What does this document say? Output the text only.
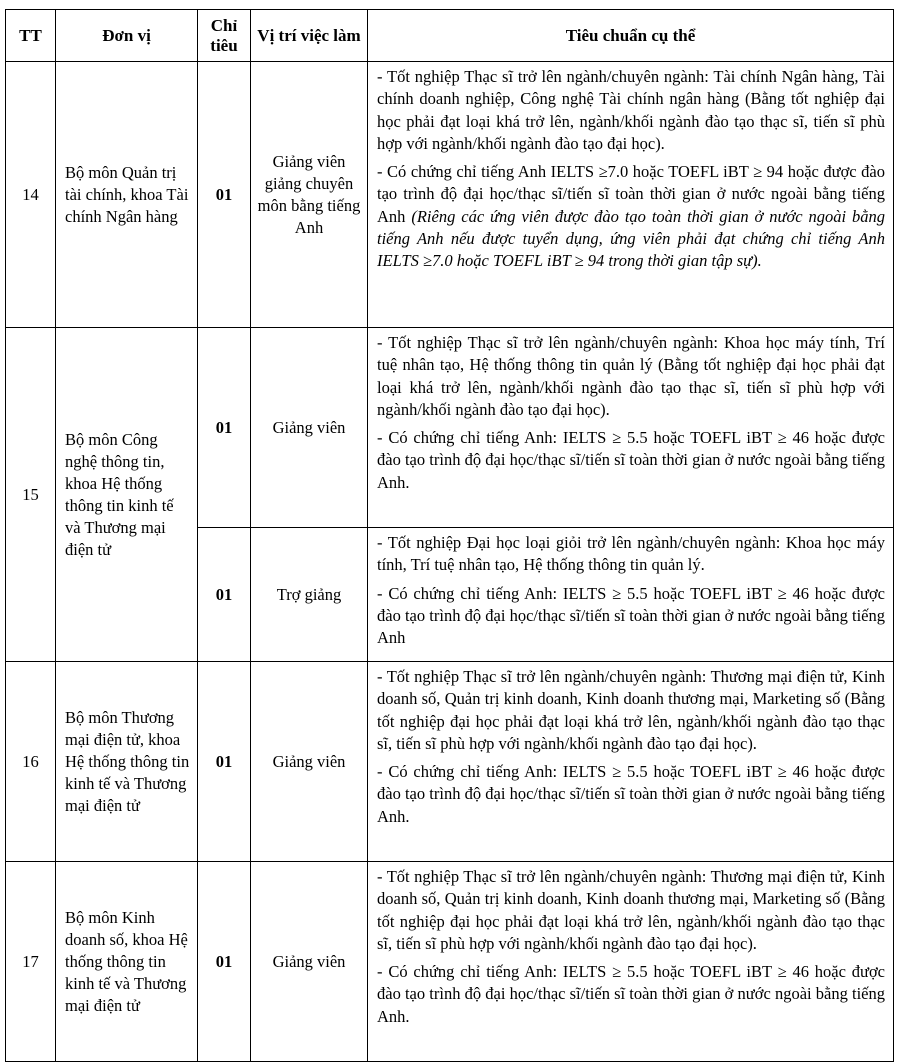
TT	Đơn vị	Chỉ tiêu	Vị trí việc làm	Tiêu chuẩn cụ thể
14	Bộ môn Quản trị tài chính, khoa Tài chính Ngân hàng	01	Giảng viên giảng chuyên môn bằng tiếng Anh	- Tốt nghiệp Thạc sĩ trở lên ngành/chuyên ngành: Tài chính Ngân hàng, Tài chính doanh nghiệp, Công nghệ Tài chính ngân hàng (Bằng tốt nghiệp đại học phải đạt loại khá trở lên, ngành/khối ngành đào tạo thạc sĩ, tiến sĩ phù hợp với ngành/khối ngành đào tạo đại học).

- Có chứng chỉ tiếng Anh IELTS ≥7.0 hoặc TOEFL iBT ≥ 94 hoặc được đào tạo trình độ đại học/thạc sĩ/tiến sĩ toàn thời gian ở nước ngoài bằng tiếng Anh (Riêng các ứng viên được đào tạo toàn thời gian ở nước ngoài bằng tiếng Anh nếu được tuyển dụng, ứng viên phải đạt chứng chỉ tiếng Anh IELTS ≥7.0 hoặc TOEFL iBT ≥ 94 trong thời gian tập sự).

15	Bộ môn Công nghệ thông tin, khoa Hệ thống thông tin kinh tế và Thương mại điện tử	01	Giảng viên	- Tốt nghiệp Thạc sĩ trở lên ngành/chuyên ngành: Khoa học máy tính, Trí tuệ nhân tạo, Hệ thống thông tin quản lý (Bằng tốt nghiệp đại học phải đạt loại khá trở lên, ngành/khối ngành đào tạo thạc sĩ, tiến sĩ phù hợp với ngành/khối ngành đào tạo đại học).

- Có chứng chỉ tiếng Anh: IELTS ≥ 5.5 hoặc TOEFL iBT ≥ 46 hoặc được đào tạo trình độ đại học/thạc sĩ/tiến sĩ toàn thời gian ở nước ngoài bằng tiếng Anh.

		01	Trợ giảng	- Tốt nghiệp Đại học loại giỏi trở lên ngành/chuyên ngành: Khoa học máy tính, Trí tuệ nhân tạo, Hệ thống thông tin quản lý.

- Có chứng chỉ tiếng Anh: IELTS ≥ 5.5 hoặc TOEFL iBT ≥ 46 hoặc được đào tạo trình độ đại học/thạc sĩ/tiến sĩ toàn thời gian ở nước ngoài bằng tiếng Anh

16	Bộ môn Thương mại điện tử, khoa Hệ thống thông tin kinh tế và Thương mại điện tử	01	Giảng viên	- Tốt nghiệp Thạc sĩ trở lên ngành/chuyên ngành: Thương mại điện tử, Kinh doanh số, Quản trị kinh doanh, Kinh doanh thương mại, Marketing số (Bằng tốt nghiệp đại học phải đạt loại khá trở lên, ngành/khối ngành đào tạo thạc sĩ, tiến sĩ phù hợp với ngành/khối ngành đào tạo đại học).

- Có chứng chỉ tiếng Anh: IELTS ≥ 5.5 hoặc TOEFL iBT ≥ 46 hoặc được đào tạo trình độ đại học/thạc sĩ/tiến sĩ toàn thời gian ở nước ngoài bằng tiếng Anh.

17	Bộ môn Kinh doanh số, khoa Hệ thống thông tin kinh tế và Thương mại điện tử	01	Giảng viên	- Tốt nghiệp Thạc sĩ trở lên ngành/chuyên ngành: Thương mại điện tử, Kinh doanh số, Quản trị kinh doanh, Kinh doanh thương mại, Marketing số (Bằng tốt nghiệp đại học phải đạt loại khá trở lên, ngành/khối ngành đào tạo thạc sĩ, tiến sĩ phù hợp với ngành/khối ngành đào tạo đại học).

- Có chứng chỉ tiếng Anh: IELTS ≥ 5.5 hoặc TOEFL iBT ≥ 46 hoặc được đào tạo trình độ đại học/thạc sĩ/tiến sĩ toàn thời gian ở nước ngoài bằng tiếng Anh.
